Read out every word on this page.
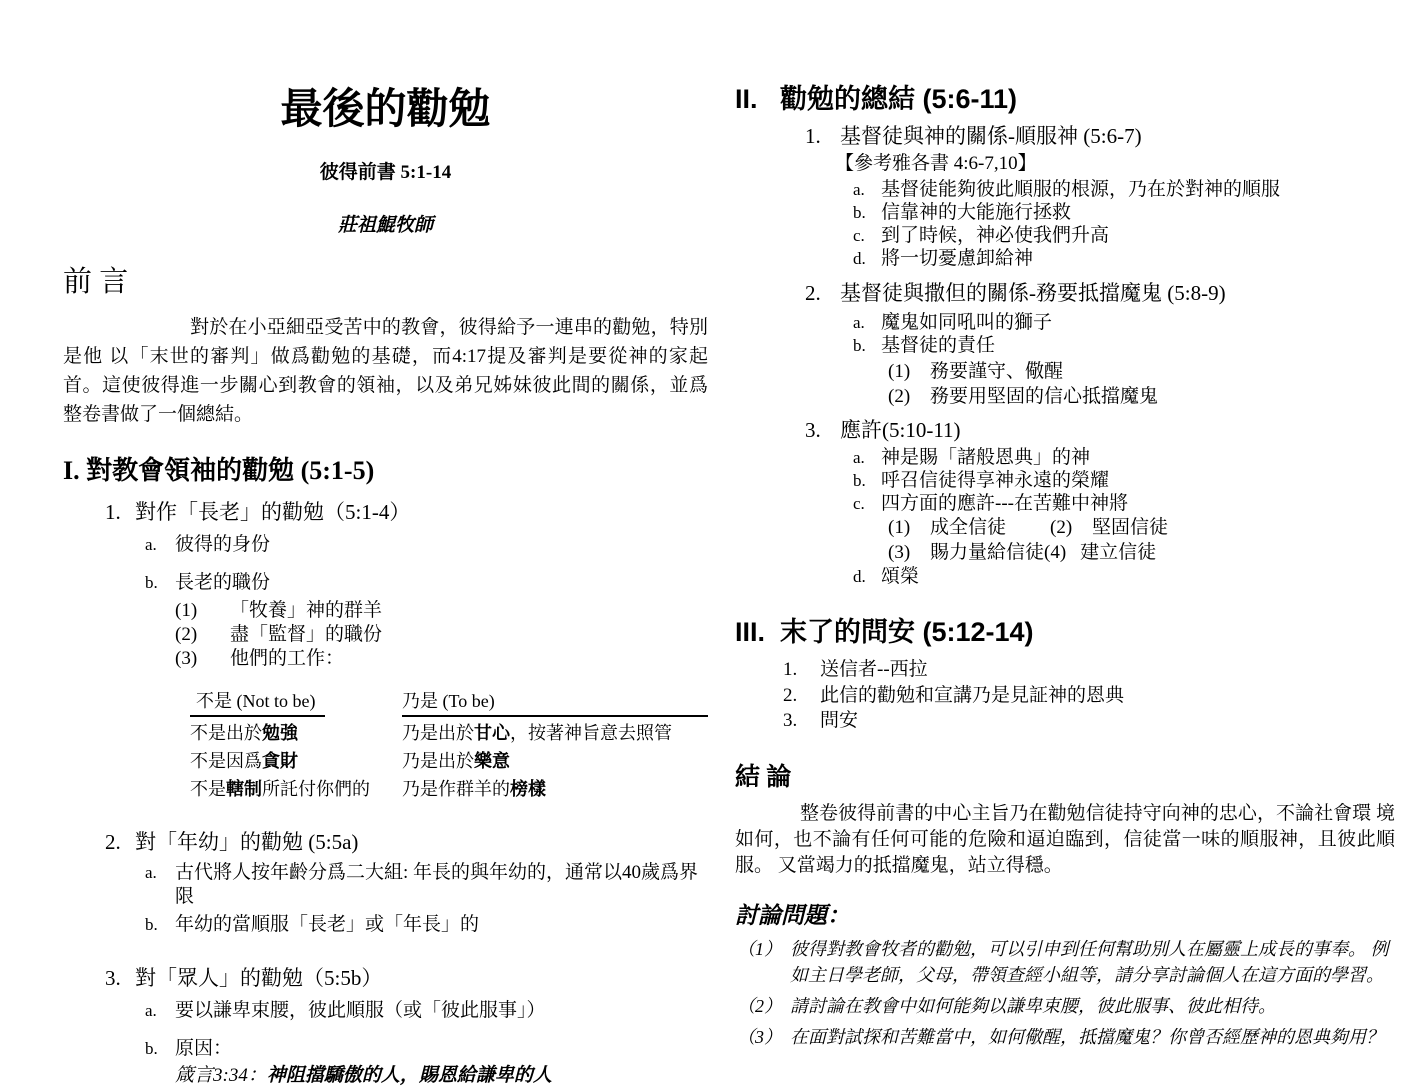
最後的勸勉
彼得前書 5:1-14
莊祖鯤牧師
前 言

對於在小亞細亞受苦中的教會，彼得給予一連串的勸勉，特別是他 以「末世的審判」做爲勸勉的基礎，而4:17提及審判是要從神的家起首。這使彼得進一步關心到教會的領袖，以及弟兄姊妹彼此間的關係，並爲整卷書做了一個總結。

I. 對教會領袖的勸勉 (5:1-5)
1. 對作「長老」的勸勉（5:1-4）
a. 彼得的身份
b. 長老的職份
(1)	「牧養」神的群羊
(2)	盡「監督」的職份
(3)	他們的工作：
不是 (Not to be)	乃是 (To be)
不是出於勉強	乃是出於甘心，按著神旨意去照管
不是因爲貪財	乃是出於樂意
不是轄制所託付你們的	乃是作群羊的榜樣
2. 對「年幼」的勸勉 (5:5a)
a. 古代將人按年齡分爲二大組: 年長的與年幼的，通常以40歲爲界限
b. 年幼的當順服「長老」或「年長」的
3. 對「眾人」的勸勉（5:5b）
a. 要以謙卑束腰，彼此順服（或「彼此服事」）
b. 原因：
箴言3:34：神阻擋驕傲的人，賜恩給謙卑的人
II. 勸勉的總結 (5:6-11)
1. 基督徒與神的關係-順服神 (5:6-7)
【參考雅各書 4:6-7,10】
a. 基督徒能夠彼此順服的根源，乃在於對神的順服
b. 信靠神的大能施行拯救
c. 到了時候，神必使我們升高
d. 將一切憂慮卸給神
2. 基督徒與撒但的關係-務要抵擋魔鬼 (5:8-9)
a. 魔鬼如同吼叫的獅子
b. 基督徒的責任
(1)	務要謹守、儆醒
(2)	務要用堅固的信心抵擋魔鬼
3. 應許(5:10-11)
a. 神是賜「諸般恩典」的神
b. 呼召信徒得享神永遠的榮耀
c. 四方面的應許---在苦難中神將
(1)	成全信徒	(2)	堅固信徒
(3)	賜力量給信徒 (4) 建立信徒
d. 頌榮
III. 末了的問安 (5:12-14)
1.	送信者--西拉
2.	此信的勸勉和宣講乃是見証神的恩典
3.	問安
結 論

整卷彼得前書的中心主旨乃在勸勉信徒持守向神的忠心，不論社會環 境如何，也不論有任何可能的危險和逼迫臨到，信徒當一味的順服神，且彼此順服。 又當竭力的抵擋魔鬼，站立得穩。

討論問題：
（1） 彼得對教會牧者的勸勉，可以引申到任何幫助別人在屬靈上成長的事奉。 例如主日學老師，父母，帶領查經小組等，請分享討論個人在這方面的學習。
（2） 請討論在教會中如何能夠以謙卑束腰，彼此服事、彼此相待。
（3） 在面對試探和苦難當中，如何儆醒，抵擋魔鬼？你曾否經歷神的恩典夠用？
